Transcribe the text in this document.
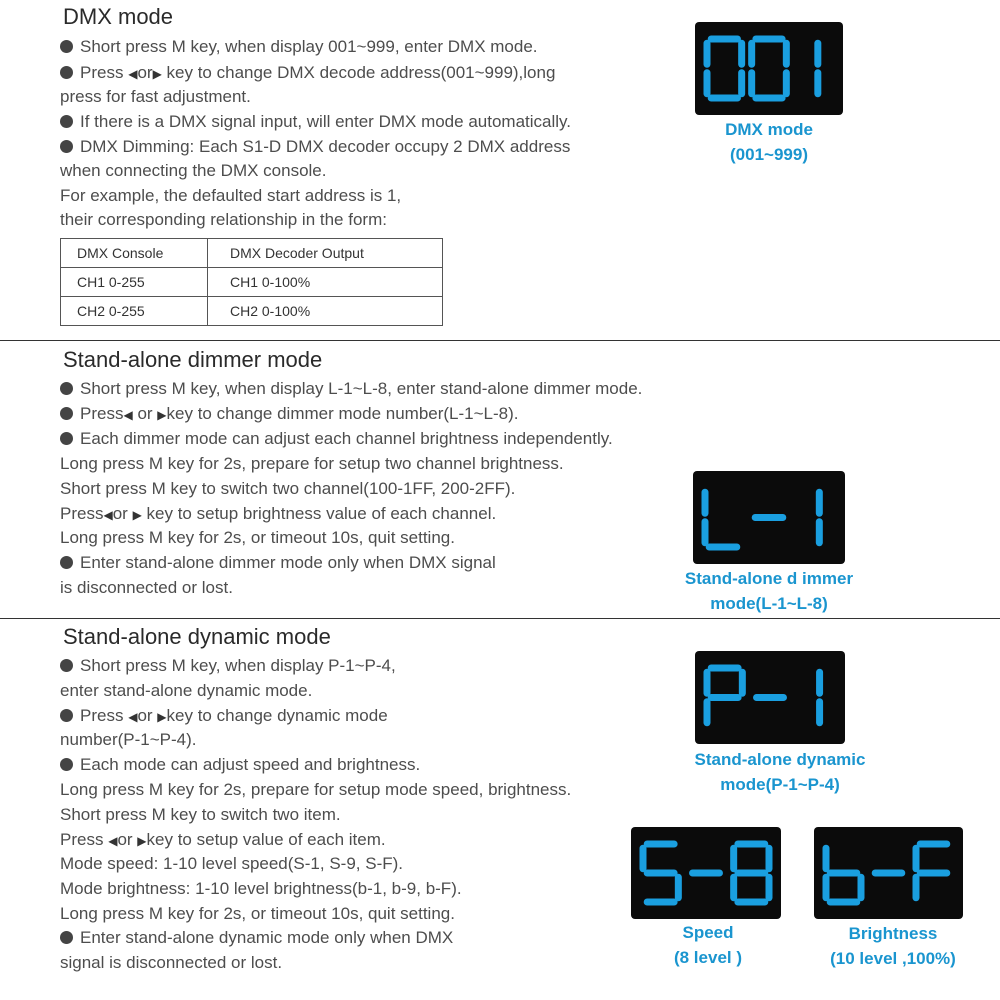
DMX mode
Short press M key, when display 001~999, enter DMX mode.
Press ◀or▶ key to change DMX decode address(001~999),long
press for fast adjustment.
If there is a DMX signal input, will enter DMX mode automatically.
DMX Dimming: Each S1-D DMX decoder occupy 2 DMX address
when connecting the DMX console.
For example, the defaulted start address is 1,
their corresponding relationship in the form:
DMX Console	DMX Decoder Output
CH1 0-255	CH1 0-100%
CH2 0-255	CH2 0-100%
DMX mode
(001~999)
Stand-alone dimmer mode
Short press M key, when display L-1~L-8, enter stand-alone dimmer mode.
Press◀ or ▶key to change dimmer mode number(L-1~L-8).
Each dimmer mode can adjust each channel brightness independently.
Long press M key for 2s, prepare for setup two channel brightness.
Short press M key to switch two channel(100-1FF, 200-2FF).
Press◀or ▶ key to setup brightness value of each channel.
Long press M key for 2s, or timeout 10s, quit setting.
Enter stand-alone dimmer mode only when DMX signal
is disconnected or lost.	Stand-alone d immer
mode(L-1~L-8)
Stand-alone dynamic mode
Short press M key, when display P-1~P-4,
enter stand-alone dynamic mode.
Press ◀or ▶key to change dynamic mode
number(P-1~P-4).
Each mode can adjust speed and brightness.
Long press M key for 2s, prepare for setup mode speed, brightness.
Short press M key to switch two item.
Press ◀or ▶key to setup value of each item.
Mode speed: 1-10 level speed(S-1, S-9, S-F).
Mode brightness: 1-10 level brightness(b-1, b-9, b-F).
Long press M key for 2s, or timeout 10s, quit setting.
Enter stand-alone dynamic mode only when DMX
signal is disconnected or lost.
Stand-alone dynamic
mode(P-1~P-4)
Speed
(8 level )
Brightness
(10 level ,100%)
